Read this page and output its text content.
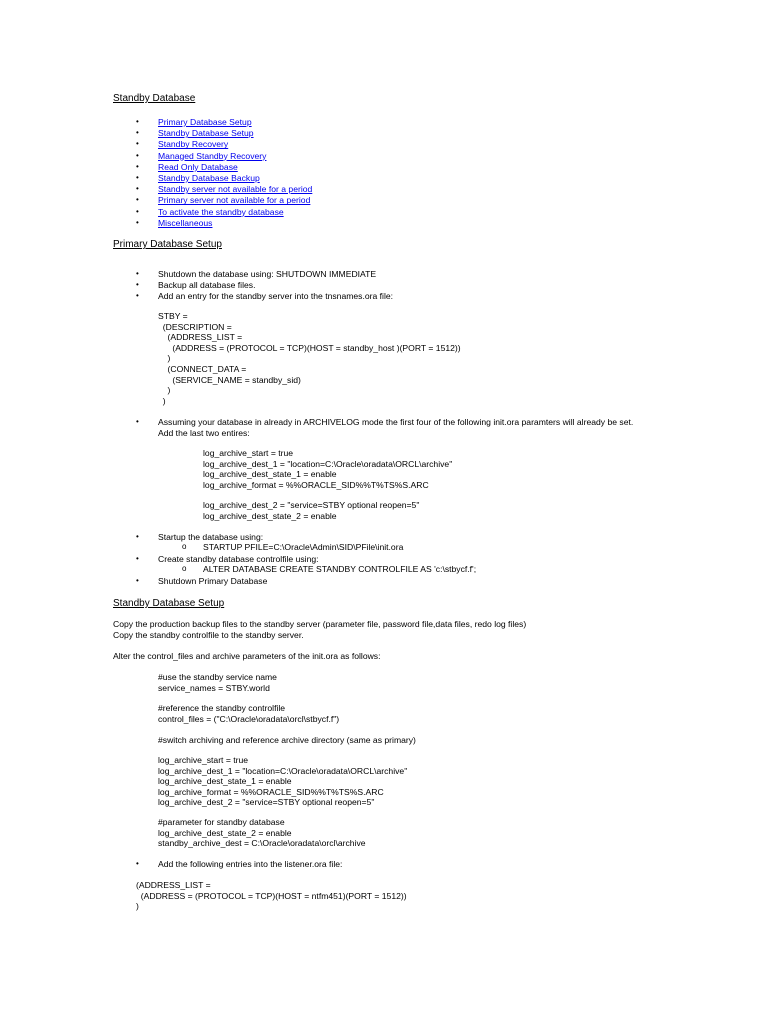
Standby Database
• Primary Database Setup
• Standby Database Setup
• Standby Recovery
• Managed Standby Recovery
• Read Only Database
• Standby Database Backup
• Standby server not available for a period
• Primary server not available for a period
• To activate the standby database
• Miscellaneous
Primary Database Setup
• Shutdown the database using: SHUTDOWN IMMEDIATE
• Backup all database files.
• Add an entry for the standby server into the tnsnames.ora file:
STBY =
(DESCRIPTION =
(ADDRESS_LIST =
(ADDRESS = (PROTOCOL = TCP)(HOST = standby_host )(PORT = 1512))
)
(CONNECT_DATA =
(SERVICE_NAME = standby_sid)
)
)
• Assuming your database in already in ARCHIVELOG mode the first four of the following init.ora paramters will already be set.
Add the last two entires:
log_archive_start = true
log_archive_dest_1 = "location=C:\Oracle\oradata\ORCL\archive"
log_archive_dest_state_1 = enable
log_archive_format = %%ORACLE_SID%%T%TS%S.ARC
log_archive_dest_2 = "service=STBY optional reopen=5"
log_archive_dest_state_2 = enable
• Startup the database using:
o STARTUP PFILE=C:\Oracle\Admin\SID\PFile\init.ora
• Create standby database controlfile using:
o ALTER DATABASE CREATE STANDBY CONTROLFILE AS 'c:\stbycf.f';
• Shutdown Primary Database
Standby Database Setup
Copy the production backup files to the standby server (parameter file, password file,data files, redo log files)
Copy the standby controlfile to the standby server.
Alter the control_files and archive parameters of the init.ora as follows:
#use the standby service name
service_names = STBY.world
#reference the standby controlfile
control_files = ("C:\Oracle\oradata\orcl\stbycf.f")
#switch archiving and reference archive directory (same as primary)
log_archive_start = true
log_archive_dest_1 = "location=C:\Oracle\oradata\ORCL\archive"
log_archive_dest_state_1 = enable
log_archive_format = %%ORACLE_SID%%T%TS%S.ARC
log_archive_dest_2 = "service=STBY optional reopen=5"
#parameter for standby database
log_archive_dest_state_2 = enable
standby_archive_dest = C:\Oracle\oradata\orcl\archive
• Add the following entries into the listener.ora file:
(ADDRESS_LIST =
(ADDRESS = (PROTOCOL = TCP)(HOST = ntfm451)(PORT = 1512))
)
